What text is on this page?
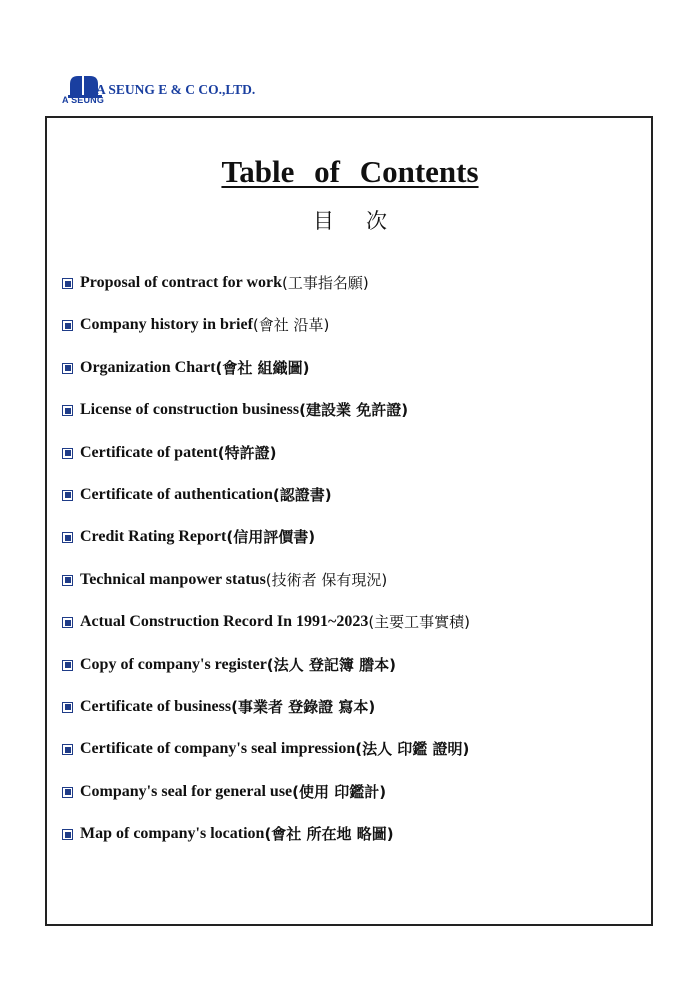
A SEUNG
A SEUNG E & C CO.,LTD.
Table of Contents
目次
Proposal of contract for work (工事指名願)
Company history in brief (會社 沿革)
Organization Chart (會社 組織圖)
License of construction business (建設業 免許證)
Certificate of patent (特許證)
Certificate of authentication (認證書)
Credit Rating Report (信用評價書)
Technical manpower status (技術者 保有現況)
Actual Construction Record In 1991~2023 (主要工事實積)
Copy of company's register (法人 登記簿 謄本)
Certificate of business (事業者 登錄證 寫本)
Certificate of company's seal impression (法人 印鑑 證明)
Company's seal for general use (使用 印鑑計)
Map of company's location (會社 所在地 略圖)
